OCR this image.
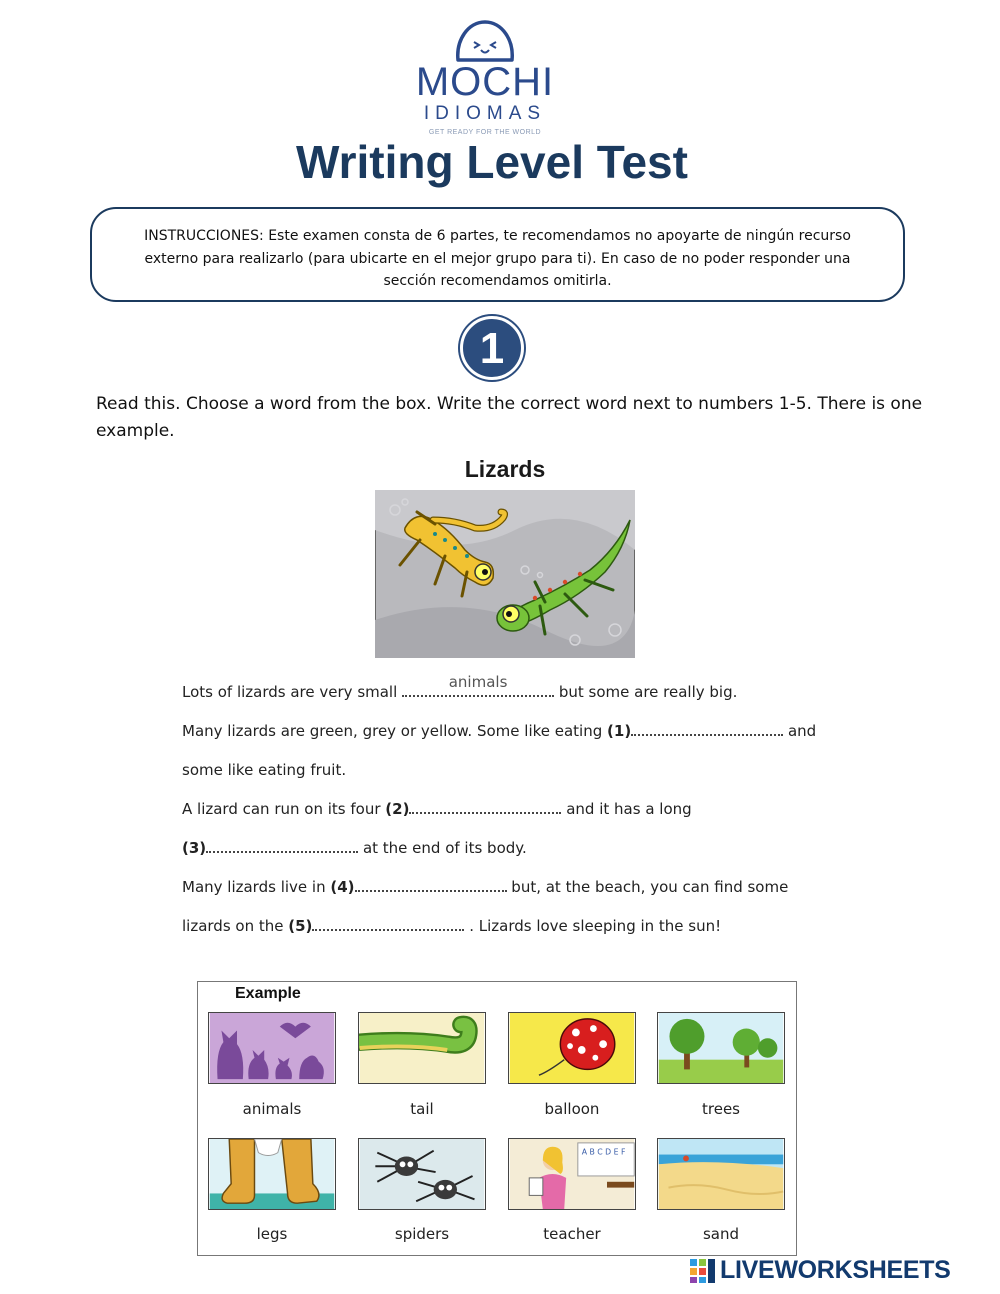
MOCHI
IDIOMAS
GET READY FOR THE WORLD
Writing Level Test
INSTRUCCIONES: Este examen consta de 6 partes, te recomendamos no apoyarte de ningún recurso externo para realizarlo (para ubicarte en el mejor grupo para ti). En caso de no poder responder una sección recomendamos omitirla.
1
Read this. Choose a word from the box. Write the correct word next to numbers 1-5. There is one example.
Lizards
Lots of lizards are very small
animals
but some are really big.
Many lizards are green, grey or yellow. Some like eating (1)	and
some like eating fruit.
A lizard can run on its four (2)	and it has a long
(3)	at the end of its body.
Many lizards live in (4)	but, at the beach, you can find some
lizards on the (5)	. Lizards love sleeping in the sun!
Example
animals	tail	balloon	trees
A B C D E F
legs	spiders	teacher	sand
LIVEWORKSHEETS
